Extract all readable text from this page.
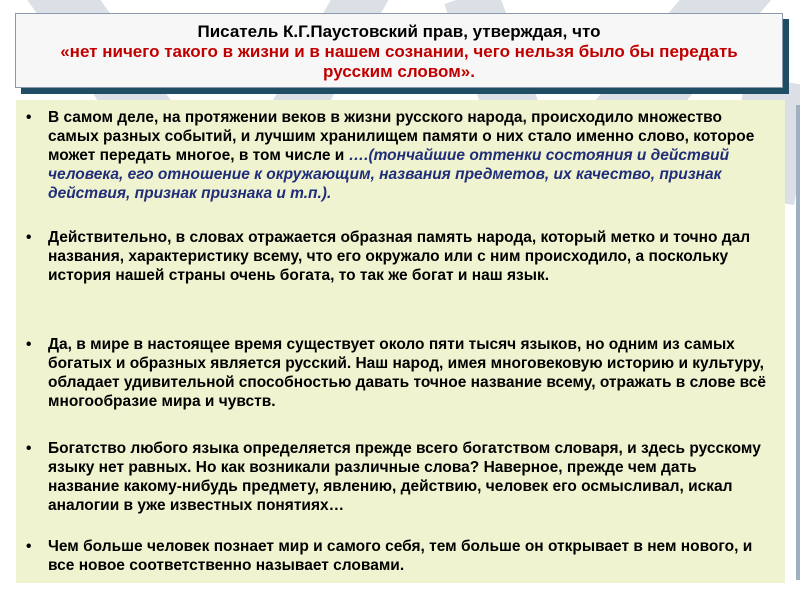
Писатель К.Г.Паустовский прав, утверждая, что
«нет ничего такого в жизни и в нашем сознании, чего нельзя было бы передать русским словом».
• В самом деле, на протяжении веков в жизни русского народа, происходило множество самых разных событий, и лучшим хранилищем памяти о них стало именно слово, которое может передать многое, в том числе и ….(тончайшие оттенки состояния и действий человека, его отношение к окружающим, названия предметов, их качество, признак действия, признак признака и т.п.).
• Действительно, в словах отражается образная память народа, который метко и точно дал названия, характеристику всему, что его окружало или с ним происходило, а поскольку история нашей страны очень богата, то так же богат и наш язык.
• Да, в мире в настоящее время существует около пяти тысяч языков, но одним из самых богатых и образных является русский. Наш народ, имея многовековую историю и культуру, обладает удивительной способностью давать точное название всему, отражать в слове всё многообразие мира и чувств.
• Богатство любого языка определяется прежде всего богатством словаря, и здесь русскому языку нет равных. Но как возникали различные слова? Наверное, прежде чем дать название какому-нибудь предмету, явлению, действию, человек его осмысливал, искал аналогии в уже известных понятиях…
• Чем больше человек познает мир и самого себя, тем больше он открывает в нем нового, и все новое соответственно называет словами.
